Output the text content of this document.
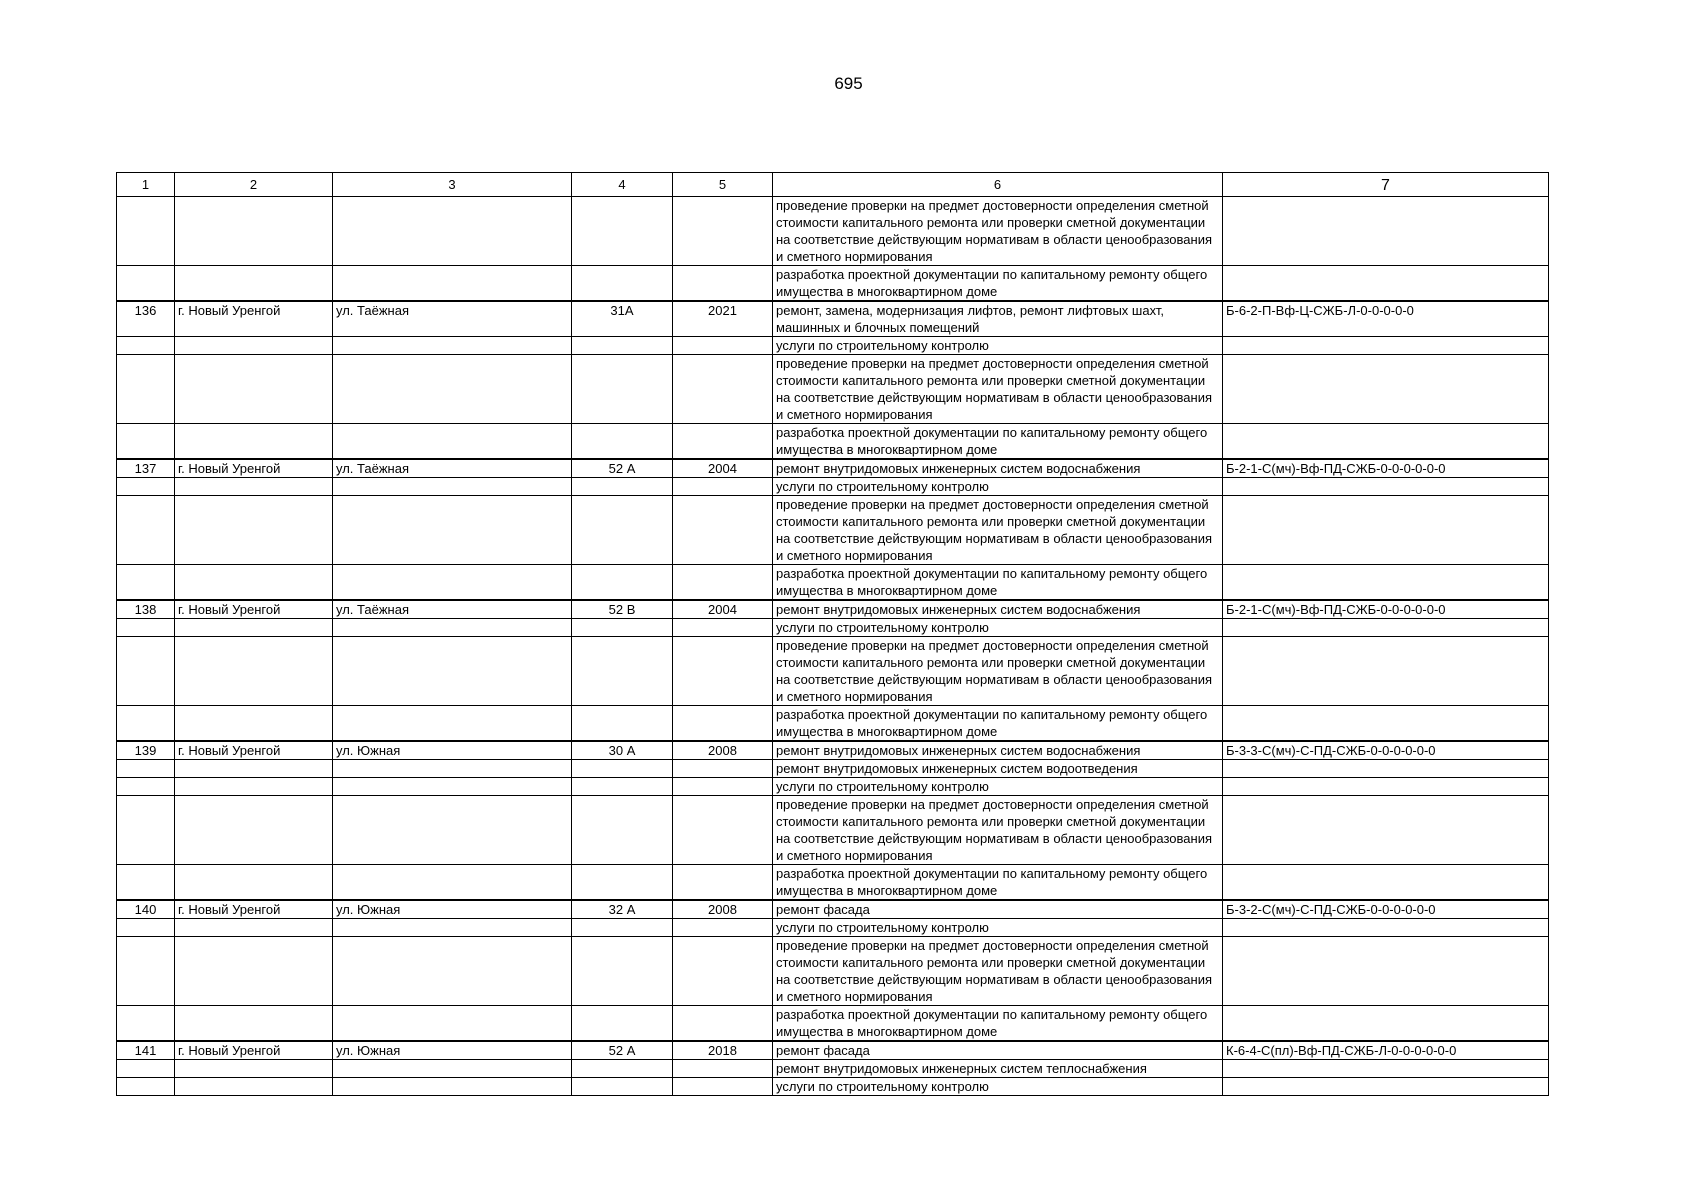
695
1	2	3	4	5	6	7
					проведение проверки на предмет достоверности определения сметной стоимости капитального ремонта или проверки сметной документации на соответствие действующим нормативам в области ценообразования и сметного нормирования	
					разработка проектной документации по капитальному ремонту общего имущества в многоквартирном доме	
136	г. Новый Уренгой	ул. Таёжная	31А	2021	ремонт, замена, модернизация лифтов, ремонт лифтовых шахт, машинных и блочных помещений	Б-6-2-П-Вф-Ц-СЖБ-Л-0-0-0-0-0
					услуги по строительному контролю	
					проведение проверки на предмет достоверности определения сметной стоимости капитального ремонта или проверки сметной документации на соответствие действующим нормативам в области ценообразования и сметного нормирования	
					разработка проектной документации по капитальному ремонту общего имущества в многоквартирном доме	
137	г. Новый Уренгой	ул. Таёжная	52 А	2004	ремонт внутридомовых инженерных систем водоснабжения	Б-2-1-С(мч)-Вф-ПД-СЖБ-0-0-0-0-0-0
					услуги по строительному контролю	
					проведение проверки на предмет достоверности определения сметной стоимости капитального ремонта или проверки сметной документации на соответствие действующим нормативам в области ценообразования и сметного нормирования	
					разработка проектной документации по капитальному ремонту общего имущества в многоквартирном доме	
138	г. Новый Уренгой	ул. Таёжная	52 В	2004	ремонт внутридомовых инженерных систем водоснабжения	Б-2-1-С(мч)-Вф-ПД-СЖБ-0-0-0-0-0-0
					услуги по строительному контролю	
					проведение проверки на предмет достоверности определения сметной стоимости капитального ремонта или проверки сметной документации на соответствие действующим нормативам в области ценообразования и сметного нормирования	
					разработка проектной документации по капитальному ремонту общего имущества в многоквартирном доме	
139	г. Новый Уренгой	ул. Южная	30 А	2008	ремонт внутридомовых инженерных систем водоснабжения	Б-3-3-С(мч)-С-ПД-СЖБ-0-0-0-0-0-0
					ремонт внутридомовых инженерных систем водоотведения	
					услуги по строительному контролю	
					проведение проверки на предмет достоверности определения сметной стоимости капитального ремонта или проверки сметной документации на соответствие действующим нормативам в области ценообразования и сметного нормирования	
					разработка проектной документации по капитальному ремонту общего имущества в многоквартирном доме	
140	г. Новый Уренгой	ул. Южная	32 А	2008	ремонт фасада	Б-3-2-С(мч)-С-ПД-СЖБ-0-0-0-0-0-0
					услуги по строительному контролю	
					проведение проверки на предмет достоверности определения сметной стоимости капитального ремонта или проверки сметной документации на соответствие действующим нормативам в области ценообразования и сметного нормирования	
					разработка проектной документации по капитальному ремонту общего имущества в многоквартирном доме	
141	г. Новый Уренгой	ул. Южная	52 А	2018	ремонт фасада	К-6-4-С(пл)-Вф-ПД-СЖБ-Л-0-0-0-0-0-0
					ремонт внутридомовых инженерных систем теплоснабжения	
					услуги по строительному контролю	
